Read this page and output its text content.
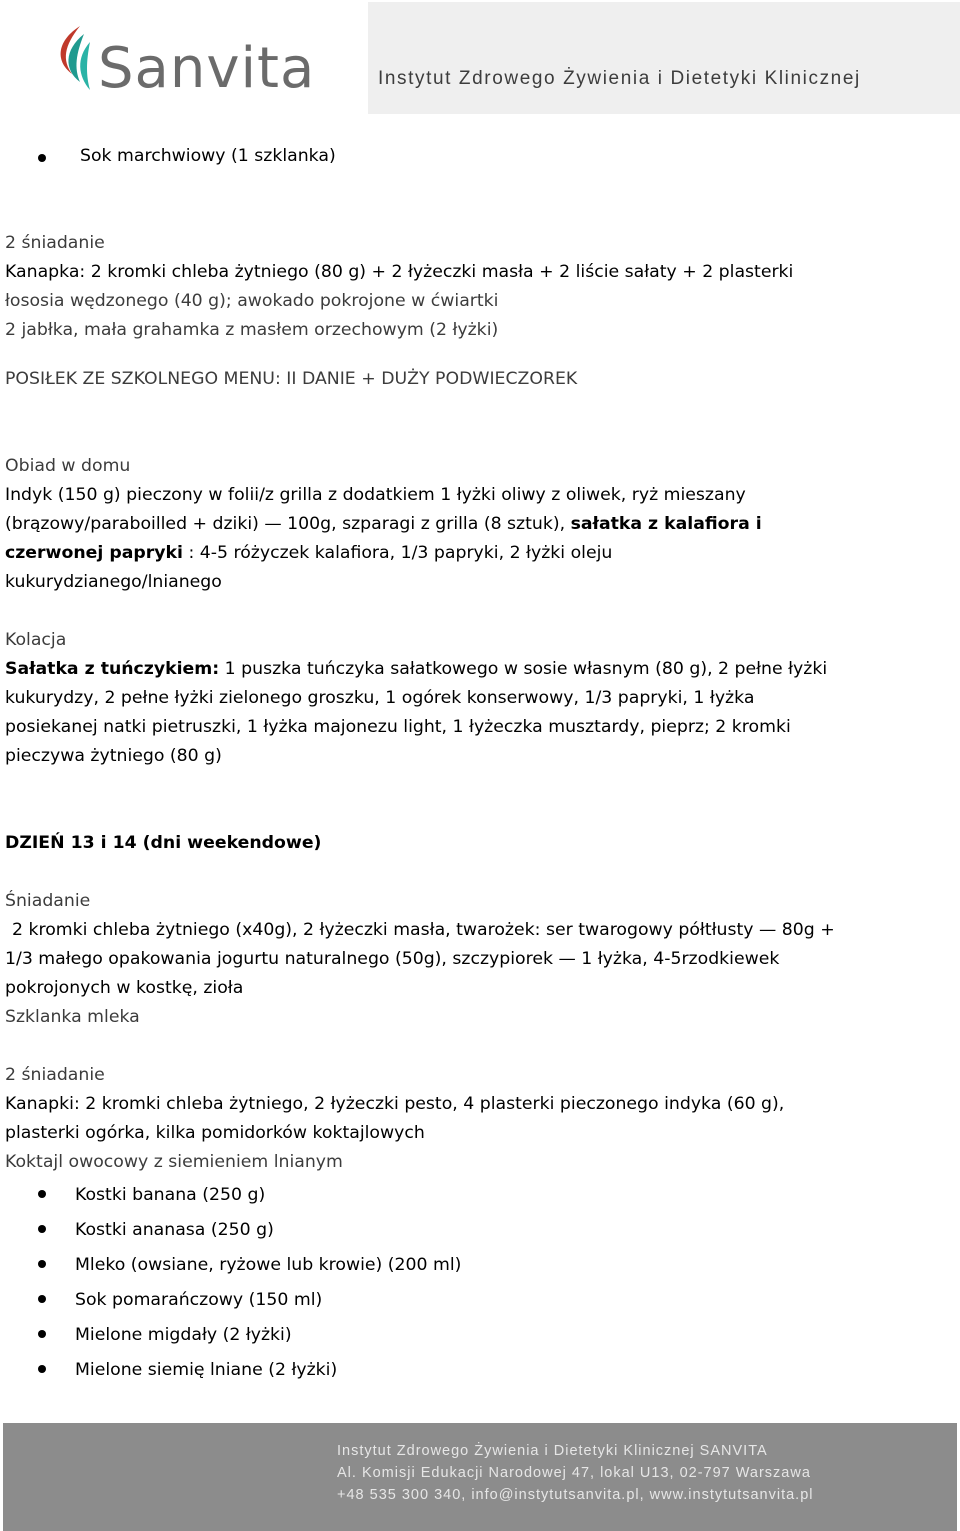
Sanvita	Instytut Zdrowego Żywienia i Dietetyki Klinicznej
Sok marchwiowy (1 szklanka)
2 śniadanie
Kanapka: 2 kromki chleba żytniego (80 g) + 2 łyżeczki masła + 2 liście sałaty + 2 plasterki
łososia wędzonego (40 g); awokado pokrojone w ćwiartki
2 jabłka, mała grahamka z masłem orzechowym (2 łyżki)
POSIŁEK ZE SZKOLNEGO MENU: II DANIE + DUŻY PODWIECZOREK
Obiad w domu
Indyk (150 g) pieczony w folii/z grilla z dodatkiem 1 łyżki oliwy z oliwek, ryż mieszany
(brązowy/paraboilled + dziki) — 100g, szparagi z grilla (8 sztuk), sałatka z kalafiora i
czerwonej papryki : 4-5 różyczek kalafiora, 1/3 papryki, 2 łyżki oleju
kukurydzianego/lnianego
Kolacja
Sałatka z tuńczykiem: 1 puszka tuńczyka sałatkowego w sosie własnym (80 g), 2 pełne łyżki
kukurydzy, 2 pełne łyżki zielonego groszku, 1 ogórek konserwowy, 1/3 papryki, 1 łyżka
posiekanej natki pietruszki, 1 łyżka majonezu light, 1 łyżeczka musztardy, pieprz; 2 kromki
pieczywa żytniego (80 g)
DZIEŃ 13 i 14 (dni weekendowe)
Śniadanie
2 kromki chleba żytniego (x40g), 2 łyżeczki masła, twarożek: ser twarogowy półtłusty — 80g +
1/3 małego opakowania jogurtu naturalnego (50g), szczypiorek — 1 łyżka, 4-5rzodkiewek
pokrojonych w kostkę, zioła
Szklanka mleka
2 śniadanie
Kanapki: 2 kromki chleba żytniego, 2 łyżeczki pesto, 4 plasterki pieczonego indyka (60 g),
plasterki ogórka, kilka pomidorków koktajlowych
Koktajl owocowy z siemieniem lnianym
Kostki banana (250 g)
Kostki ananasa (250 g)
Mleko (owsiane, ryżowe lub krowie) (200 ml)
Sok pomarańczowy (150 ml)
Mielone migdały (2 łyżki)
Mielone siemię lniane (2 łyżki)
Instytut Zdrowego Żywienia i Dietetyki Klinicznej SANVITA
Al. Komisji Edukacji Narodowej 47, lokal U13, 02-797 Warszawa
+48 535 300 340, info@instytutsanvita.pl, www.instytutsanvita.pl
